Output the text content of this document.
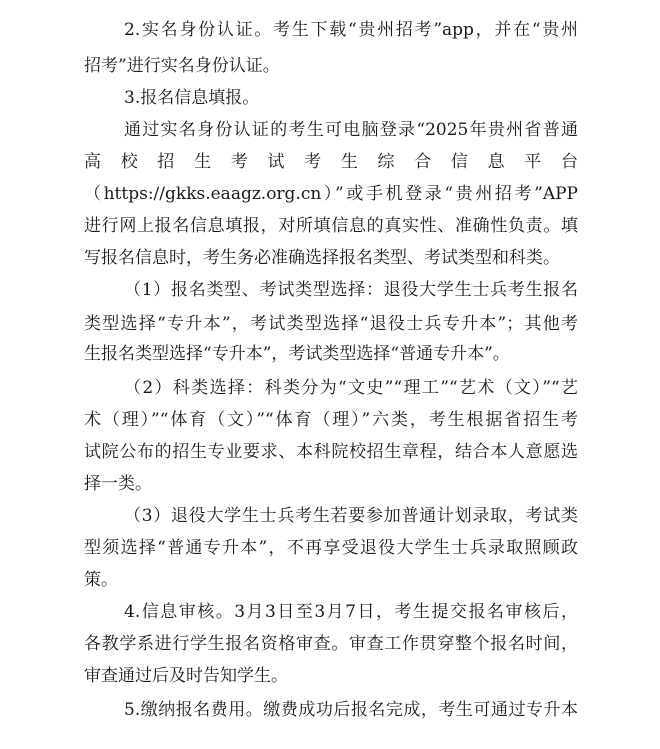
2.实名身份认证。考生下载“贵州招考”app，并在“贵州
招考”进行实名身份认证。
3.报名信息填报。
通过实名身份认证的考生可电脑登录“2025年贵州省普通
高 校 招 生 考 试 考 生 综 合 信 息 平 台
（https://gkks.eaagz.org.cn）”或手机登录“贵州招考”APP
进行网上报名信息填报，对所填信息的真实性、准确性负责。填
写报名信息时，考生务必准确选择报名类型、考试类型和科类。
（1）报名类型、考试类型选择：退役大学生士兵考生报名
类型选择“专升本”，考试类型选择“退役士兵专升本”；其他考
生报名类型选择“专升本”，考试类型选择“普通专升本”。
（2）科类选择：科类分为“文史”“理工”“艺术（文）”“艺
术（理）”“体育（文）”“体育（理）”六类，考生根据省招生考
试院公布的招生专业要求、本科院校招生章程，结合本人意愿选
择一类。
（3）退役大学生士兵考生若要参加普通计划录取，考试类
型须选择“普通专升本”，不再享受退役大学生士兵录取照顾政
策。
4.信息审核。3月3日至3月7日，考生提交报名审核后，
各教学系进行学生报名资格审查。审查工作贯穿整个报名时间，
审查通过后及时告知学生。
5.缴纳报名费用。缴费成功后报名完成，考生可通过专升本
